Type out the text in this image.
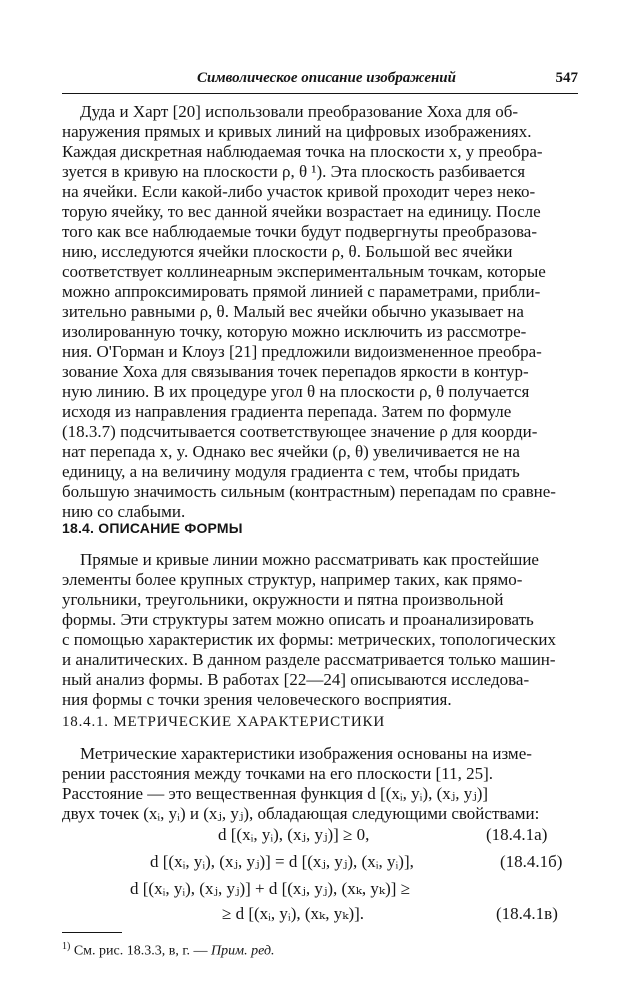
Символическое описание изображений	547
Дуда и Харт [20] использовали преобразование Хоха для об-
наружения прямых и кривых линий на цифровых изображениях.
Каждая дискретная наблюдаемая точка на плоскости x, y преобра-
зуется в кривую на плоскости ρ, θ ¹). Эта плоскость разбивается
на ячейки. Если какой-либо участок кривой проходит через неко-
торую ячейку, то вес данной ячейки возрастает на единицу. После
того как все наблюдаемые точки будут подвергнуты преобразова-
нию, исследуются ячейки плоскости ρ, θ. Большой вес ячейки
соответствует коллинеарным экспериментальным точкам, которые
можно аппроксимировать прямой линией с параметрами, прибли-
зительно равными ρ, θ. Малый вес ячейки обычно указывает на
изолированную точку, которую можно исключить из рассмотре-
ния. О'Горман и Клоуз [21] предложили видоизмененное преобра-
зование Хоха для связывания точек перепадов яркости в контур-
ную линию. В их процедуре угол θ на плоскости ρ, θ получается
исходя из направления градиента перепада. Затем по формуле
(18.3.7) подсчитывается соответствующее значение ρ для коорди-
нат перепада x, y. Однако вес ячейки (ρ, θ) увеличивается не на
единицу, а на величину модуля градиента с тем, чтобы придать
большую значимость сильным (контрастным) перепадам по сравне-
нию со слабыми.
18.4. ОПИСАНИЕ ФОРМЫ
Прямые и кривые линии можно рассматривать как простейшие
элементы более крупных структур, например таких, как прямо-
угольники, треугольники, окружности и пятна произвольной
формы. Эти структуры затем можно описать и проанализировать
с помощью характеристик их формы: метрических, топологических
и аналитических. В данном разделе рассматривается только машин-
ный анализ формы. В работах [22—24] описываются исследова-
ния формы с точки зрения человеческого восприятия.
18.4.1. МЕТРИЧЕСКИЕ ХАРАКТЕРИСТИКИ
Метрические характеристики изображения основаны на изме-
рении расстояния между точками на его плоскости [11, 25].
Расстояние — это вещественная функция d [(xᵢ, yᵢ), (xⱼ, yⱼ)]
двух точек (xᵢ, yᵢ) и (xⱼ, yⱼ), обладающая следующими свойствами:
d [(xᵢ, yᵢ), (xⱼ, yⱼ)] ≥ 0,	(18.4.1а)
d [(xᵢ, yᵢ), (xⱼ, yⱼ)] = d [(xⱼ, yⱼ), (xᵢ, yᵢ)],	(18.4.1б)
d [(xᵢ, yᵢ), (xⱼ, yⱼ)] + d [(xⱼ, yⱼ), (xₖ, yₖ)] ≥
≥ d [(xᵢ, yᵢ), (xₖ, yₖ)].	(18.4.1в)
$^{1)}$ См. рис. 18.3.3, в, г. — Прим. ред.
